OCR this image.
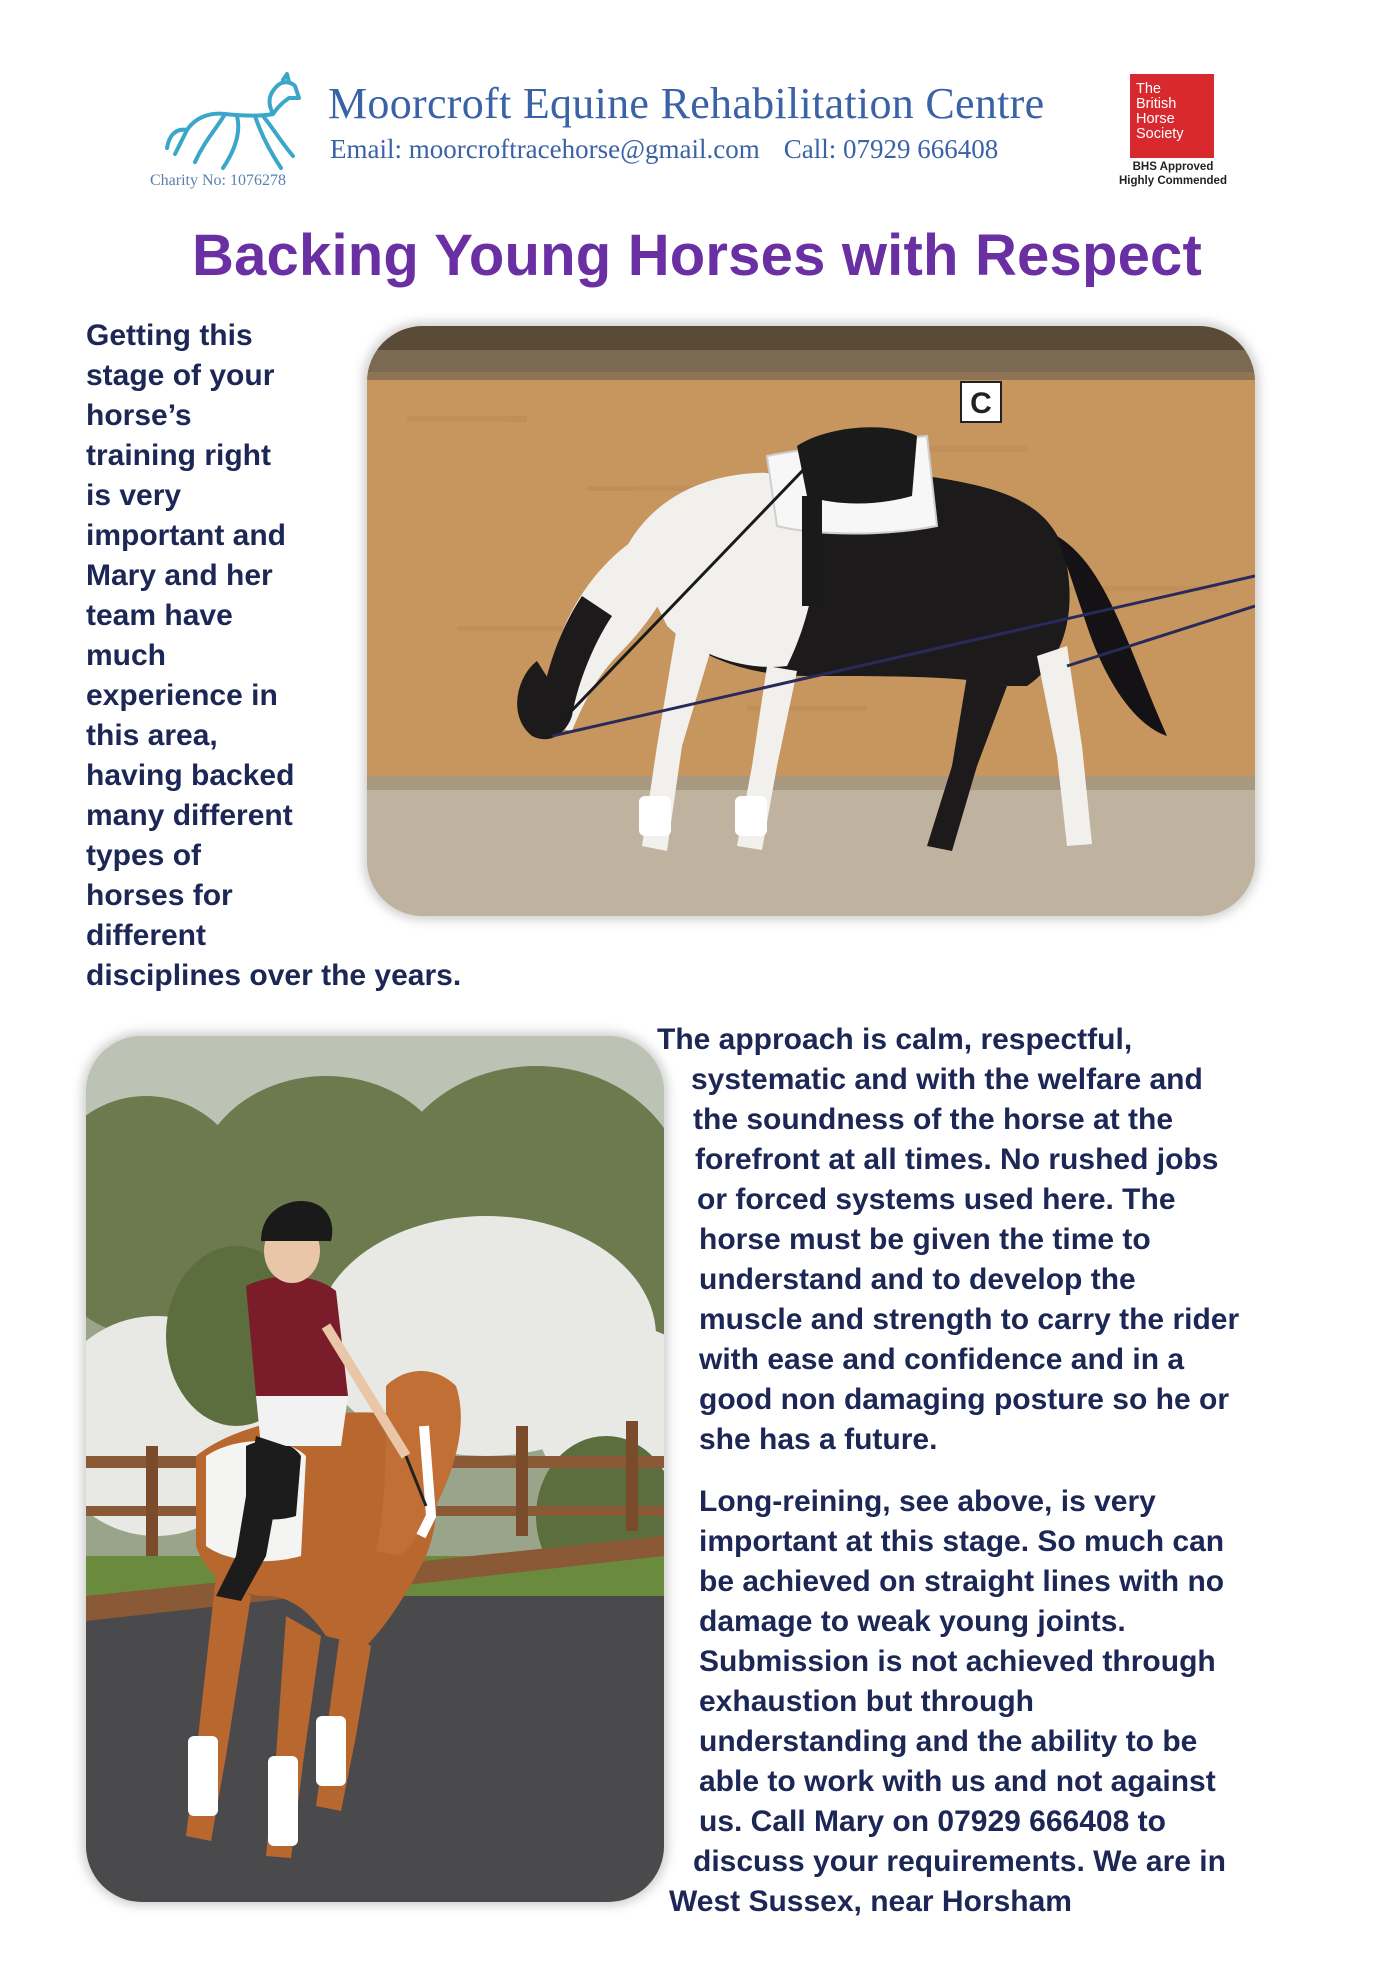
Charity No: 1076278
Moorcroft Equine Rehabilitation Centre
Email: moorcroftracehorse@gmail.com Call: 07929 666408
The
British
Horse
Society
BHS Approved
Highly Commended
Backing Young Horses with Respect
Getting this
stage of your
horse’s
training right
is very
important and
Mary and her
team have
much
experience in
this area,
having backed
many different
types of
horses for
different
disciplines over the years.
C
The approach is calm, respectful,
systematic and with the welfare and
the soundness of the horse at the
forefront at all times. No rushed jobs
or forced systems used here. The
horse must be given the time to
understand and to develop the
muscle and strength to carry the rider
with ease and confidence and in a
good non damaging posture so he or
she has a future.
Long-reining, see above, is very
important at this stage. So much can
be achieved on straight lines with no
damage to weak young joints.
Submission is not achieved through
exhaustion but through
understanding and the ability to be
able to work with us and not against
us. Call Mary on 07929 666408 to
discuss your requirements. We are in
West Sussex, near Horsham
